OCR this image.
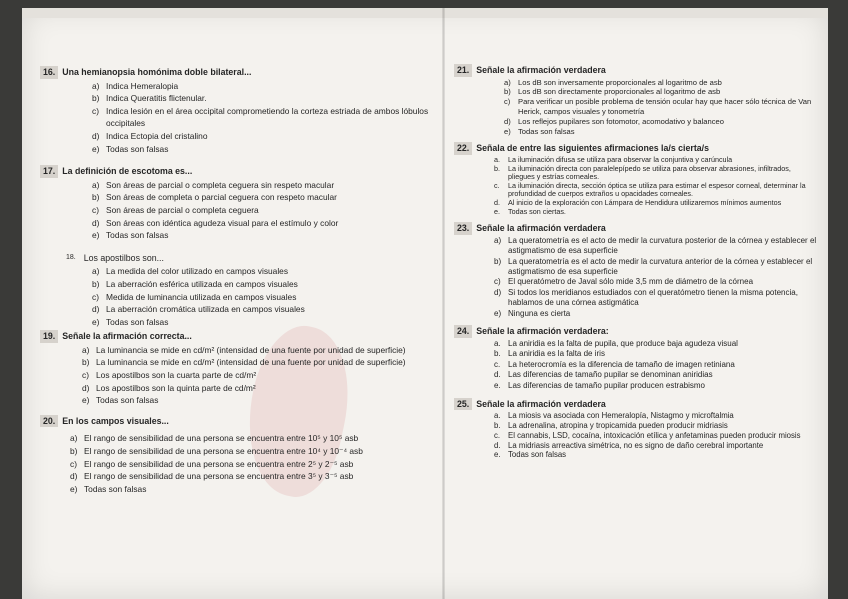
16. Una hemianopsia homónima doble bilateral...
a) Indica Hemeralopia
b) Indica Queratitis flictenular.
c) Indica lesión en el área occipital comprometiendo la corteza estriada de ambos lóbulos occipitales
d) Indica Ectopia del cristalino
e) Todas son falsas
17. La definición de escotoma es...
a) Son áreas de parcial o completa ceguera sin respeto macular
b) Son áreas de completa o parcial ceguera con respeto macular
c) Son áreas de parcial o completa ceguera
d) Son áreas con idéntica agudeza visual para el estímulo y color
e) Todas son falsas
18. Los apostilbos son...
a) La medida del color utilizado en campos visuales
b) La aberración esférica utilizada en campos visuales
c) Medida de luminancia utilizada en campos visuales
d) La aberración cromática utilizada en campos visuales
e) Todas son falsas
19. Señale la afirmación correcta...
a) La luminancia se mide en cd/m² (intensidad de una fuente por unidad de superficie)
b) La luminancia se mide en cd/m² (intensidad de una fuente por unidad de superficie)
c) Los apostilbos son la cuarta parte de cd/m²
d) Los apostilbos son la quinta parte de cd/m²
e) Todas son falsas
20. En los campos visuales...
a) El rango de sensibilidad de una persona se encuentra entre 10⁵ y 10⁵ asb
b) El rango de sensibilidad de una persona se encuentra entre 10⁴ y 10⁻⁴ asb
c) El rango de sensibilidad de una persona se encuentra entre 2⁵ y 2⁻⁵ asb
d) El rango de sensibilidad de una persona se encuentra entre 3⁵ y 3⁻⁵ asb
e) Todas son falsas
21. Señale la afirmación verdadera
a) Los dB son inversamente proporcionales al logaritmo de asb
b) Los dB son directamente proporcionales al logaritmo de asb
c)	Para verificar un posible problema de tensión ocular hay que hacer sólo técnica de Van Herick, campos visuales y tonometría
d) Los reflejos pupilares son fotomotor, acomodativo y balanceo
e) Todas son falsas
22. Señala de entre las siguientes afirmaciones la/s cierta/s
a.	La iluminación difusa se utiliza para observar la conjuntiva y carúncula
b.	La iluminación directa con paralelepípedo se utiliza para observar abrasiones, infiltrados, pliegues y estrías corneales.
c.	La iluminación directa, sección óptica se utiliza para estimar el espesor corneal, determinar la profundidad de cuerpos extraños u opacidades corneales.
d.	Al inicio de la exploración con Lámpara de Hendidura utilizaremos mínimos aumentos
e.	Todas son ciertas.
23. Señale la afirmación verdadera
a) La queratometría es el acto de medir la curvatura posterior de la córnea y establecer el astigmatismo de esa superficie
b) La queratometría es el acto de medir la curvatura anterior de la córnea y establecer el astigmatismo de esa superficie
c) El queratómetro de Javal sólo mide 3,5 mm de diámetro de la córnea
d) Si todos los meridianos estudiados con el queratómetro tienen la misma potencia, hablamos de una córnea astigmática
e) Ninguna es cierta
24. Señale la afirmación verdadera:
a. La aniridia es la falta de pupila, que produce baja agudeza visual
b. La aniridia es la falta de iris
c. La heterocromía es la diferencia de tamaño de imagen retiniana
d. Las diferencias de tamaño pupilar se denominan aniridias
e. Las diferencias de tamaño pupilar producen estrabismo
25. Señale la afirmación verdadera
a. La miosis va asociada con Hemeralopía, Nistagmo y microftalmia
b. La adrenalina, atropina y tropicamida pueden producir midriasis
c.	El cannabis, LSD, cocaína, intoxicación etílica y anfetaminas pueden producir miosis
d. La midriasis arreactiva simétrica, no es signo de daño cerebral importante
e. Todas son falsas
